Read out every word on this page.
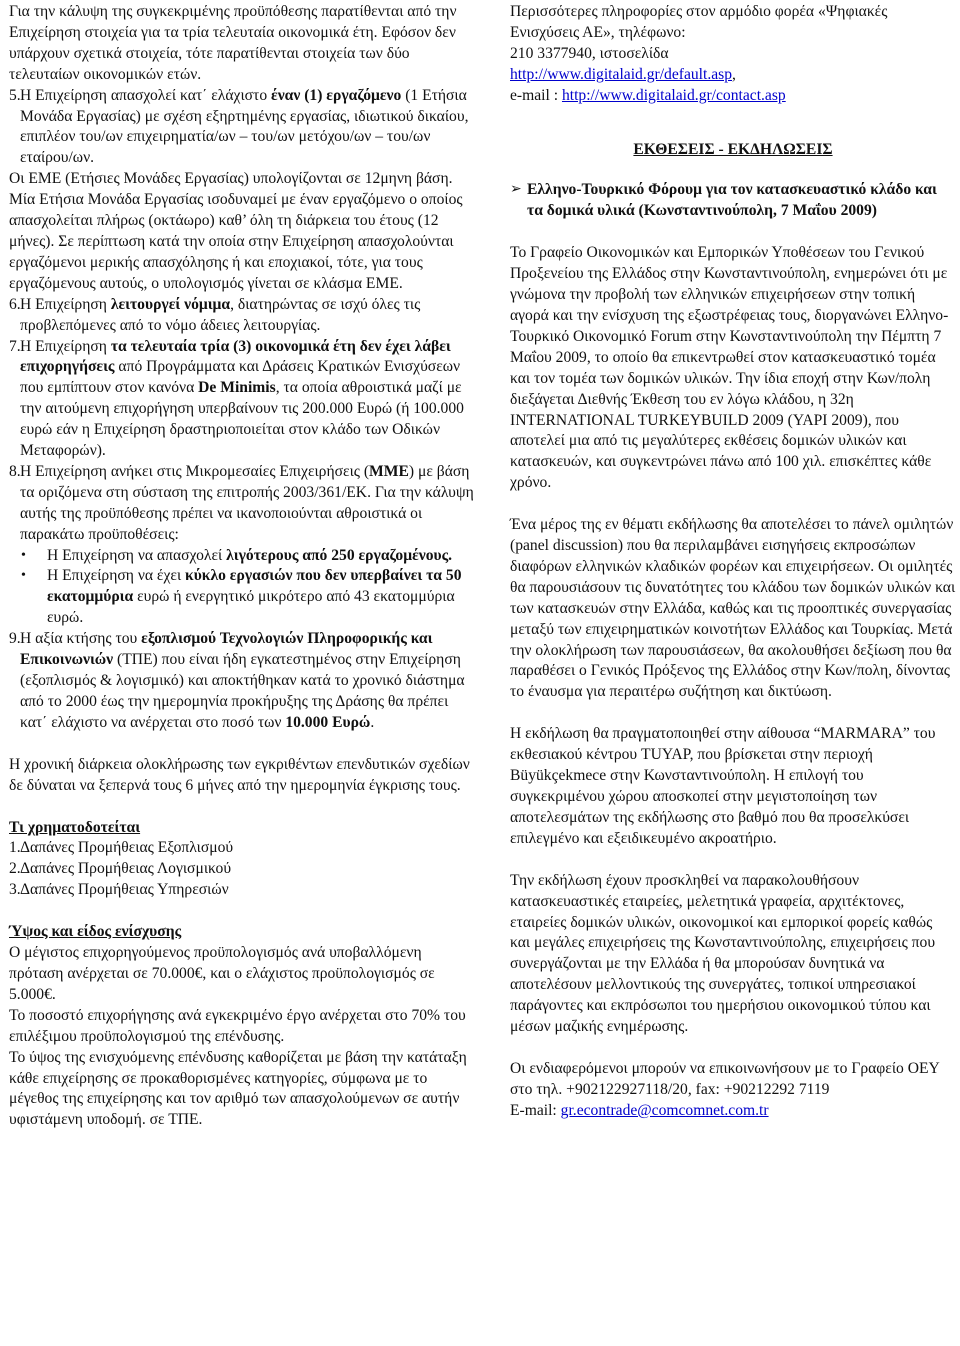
Για την κάλυψη της συγκεκριμένης προϋπόθεσης παρατίθενται από την Επιχείρηση στοιχεία για τα τρία τελευταία οικονομικά έτη. Εφόσον δεν υπάρχουν σχετικά στοιχεία, τότε παρατίθενται στοιχεία των δύο τελευταίων οικονομικών ετών.

5. Η Επιχείρηση απασχολεί κατ΄ ελάχιστο έναν (1) εργαζόμενο (1 Ετήσια Μονάδα Εργασίας) με σχέση εξηρτημένης εργασίας, ιδιωτικού δικαίου, επιπλέον του/ων επιχειρηματία/ων – του/ων μετόχου/ων – του/ων εταίρου/ων.

Οι ΕΜΕ (Ετήσιες Μονάδες Εργασίας) υπολογίζονται σε 12μηνη βάση. Μία Ετήσια Μονάδα Εργασίας ισοδυναμεί με έναν εργαζόμενο ο οποίος απασχολείται πλήρως (οκτάωρο) καθ’ όλη τη διάρκεια του έτους (12 μήνες). Σε περίπτωση κατά την οποία στην Επιχείρηση απασχολούνται εργαζόμενοι μερικής απασχόλησης ή και εποχιακοί, τότε, για τους εργαζόμενους αυτούς, ο υπολογισμός γίνεται σε κλάσμα ΕΜΕ.

6. Η Επιχείρηση λειτουργεί νόμιμα, διατηρώντας σε ισχύ όλες τις προβλεπόμενες από το νόμο άδειες λειτουργίας.

7. Η Επιχείρηση τα τελευταία τρία (3) οικονομικά έτη δεν έχει λάβει επιχορηγήσεις από Προγράμματα και Δράσεις Κρατικών Ενισχύσεων που εμπίπτουν στον κανόνα De Minimis, τα οποία αθροιστικά μαζί με την αιτούμενη επιχορήγηση υπερβαίνουν τις 200.000 Ευρώ (ή 100.000 ευρώ εάν η Επιχείρηση δραστηριοποιείται στον κλάδο των Οδικών Μεταφορών).

8. Η Επιχείρηση ανήκει στις Μικρομεσαίες Επιχειρήσεις (ΜΜΕ) με βάση τα οριζόμενα στη σύσταση της επιτροπής 2003/361/ΕΚ. Για την κάλυψη αυτής της προϋπόθεσης πρέπει να ικανοποιούνται αθροιστικά οι παρακάτω προϋποθέσεις:

•	Η Επιχείρηση να απασχολεί λιγότερους από 250 εργαζομένους.

•	Η Επιχείρηση να έχει κύκλο εργασιών που δεν υπερβαίνει τα 50 εκατομμύρια ευρώ ή ενεργητικό μικρότερο από 43 εκατομμύρια ευρώ.

9. Η αξία κτήσης του εξοπλισμού Τεχνολογιών Πληροφορικής και Επικοινωνιών (ΤΠΕ) που είναι ήδη εγκατεστημένος στην Επιχείρηση (εξοπλισμός & λογισμικό) και αποκτήθηκαν κατά το χρονικό διάστημα από το 2000 έως την ημερομηνία προκήρυξης της Δράσης θα πρέπει κατ΄ ελάχιστο να ανέρχεται στο ποσό των 10.000 Ευρώ.

Η χρονική διάρκεια ολοκλήρωσης των εγκριθέντων επενδυτικών σχεδίων δε δύναται να ξεπερνά τους 6 μήνες από την ημερομηνία έγκρισης τους.

Τι χρηματοδοτείται

1. Δαπάνες Προμήθειας Εξοπλισμού
2. Δαπάνες Προμήθειας Λογισμικού
3. Δαπάνες Προμήθειας Υπηρεσιών

Ύψος και είδος ενίσχυσης

Ο μέγιστος επιχορηγούμενος προϋπολογισμός ανά υποβαλλόμενη πρόταση ανέρχεται σε 70.000€, και ο ελάχιστος προϋπολογισμός σε 5.000€.

Το ποσοστό επιχορήγησης ανά εγκεκριμένο έργο ανέρχεται στο 70% του επιλέξιμου προϋπολογισμού της επένδυσης.

Το ύψος της ενισχυόμενης επένδυσης καθορίζεται με βάση την κατάταξη κάθε επιχείρησης σε προκαθορισμένες κατηγορίες, σύμφωνα με το μέγεθος της επιχείρησης και τον αριθμό των απασχολούμενων σε αυτήν υφιστάμενη υποδομή. σε ΤΠΕ.

Περισσότερες πληροφορίες στον αρμόδιο φορέα «Ψηφιακές Ενισχύσεις ΑΕ», τηλέφωνο:

210 3377940, ιστοσελίδα

http://www.digitalaid.gr/default.asp,

e-mail : http://www.digitalaid.gr/contact.asp

ΕΚΘΕΣΕΙΣ - ΕΚΔΗΛΩΣΕΙΣ

➢ Ελληνο-Τουρκικό Φόρουμ για τον κατασκευαστικό κλάδο και τα δομικά υλικά (Κωνσταντινούπολη, 7 Μαΐου 2009)

Το Γραφείο Οικονομικών και Εμπορικών Υποθέσεων του Γενικού Προξενείου της Ελλάδος στην Κωνσταντινούπολη, ενημερώνει ότι με γνώμονα την προβολή των ελληνικών επιχειρήσεων στην τοπική αγορά και την ενίσχυση της εξωστρέφειας τους, διοργανώνει Ελληνο-Τουρκικό Οικονομικό Forum στην Κωνσταντινούπολη την Πέμπτη 7 Μαΐου 2009, το οποίο θα επικεντρωθεί στον κατασκευαστικό τομέα και τον τομέα των δομικών υλικών. Την ίδια εποχή στην Κων/πολη διεξάγεται Διεθνής Έκθεση του εν λόγω κλάδου, η 32η INTERNATIONAL TURKEYBUILD 2009 (YAPI 2009), που αποτελεί μια από τις μεγαλύτερες εκθέσεις δομικών υλικών και κατασκευών, και συγκεντρώνει πάνω από 100 χιλ. επισκέπτες κάθε χρόνο.

Ένα μέρος της εν θέματι εκδήλωσης θα αποτελέσει το πάνελ ομιλητών (panel discussion) που θα περιλαμβάνει εισηγήσεις εκπροσώπων διαφόρων ελληνικών κλαδικών φορέων και επιχειρήσεων. Οι ομιλητές θα παρουσιάσουν τις δυνατότητες του κλάδου των δομικών υλικών και των κατασκευών στην Ελλάδα, καθώς και τις προοπτικές συνεργασίας μεταξύ των επιχειρηματικών κοινοτήτων Ελλάδος και Τουρκίας. Μετά την ολοκλήρωση των παρουσιάσεων, θα ακολουθήσει δεξίωση που θα παραθέσει ο Γενικός Πρόξενος της Ελλάδος στην Κων/πολη, δίνοντας το έναυσμα για περαιτέρω συζήτηση και δικτύωση.

Η εκδήλωση θα πραγματοποιηθεί στην αίθουσα “MARMARA” του εκθεσιακού κέντρου TUYAP, που βρίσκεται στην περιοχή Büyükçekmece στην Κωνσταντινούπολη. Η επιλογή του συγκεκριμένου χώρου αποσκοπεί στην μεγιστοποίηση των αποτελεσμάτων της εκδήλωσης στο βαθμό που θα προσελκύσει επιλεγμένο και εξειδικευμένο ακροατήριο.

Την εκδήλωση έχουν προσκληθεί να παρακολουθήσουν κατασκευαστικές εταιρείες, μελετητικά γραφεία, αρχιτέκτονες, εταιρείες δομικών υλικών, οικονομικοί και εμπορικοί φορείς καθώς και μεγάλες επιχειρήσεις της Κωνσταντινούπολης, επιχειρήσεις που συνεργάζονται με την Ελλάδα ή θα μπορούσαν δυνητικά να αποτελέσουν μελλοντικούς της συνεργάτες, τοπικοί υπηρεσιακοί παράγοντες και εκπρόσωποι του ημερήσιου οικονομικού τύπου και μέσων μαζικής ενημέρωσης.

Οι ενδιαφερόμενοι μπορούν να επικοινωνήσουν με το Γραφείο ΟΕΥ στο τηλ. +902122927118/20, fax: +90212292 7119

E-mail: gr.econtrade@comcomnet.com.tr
